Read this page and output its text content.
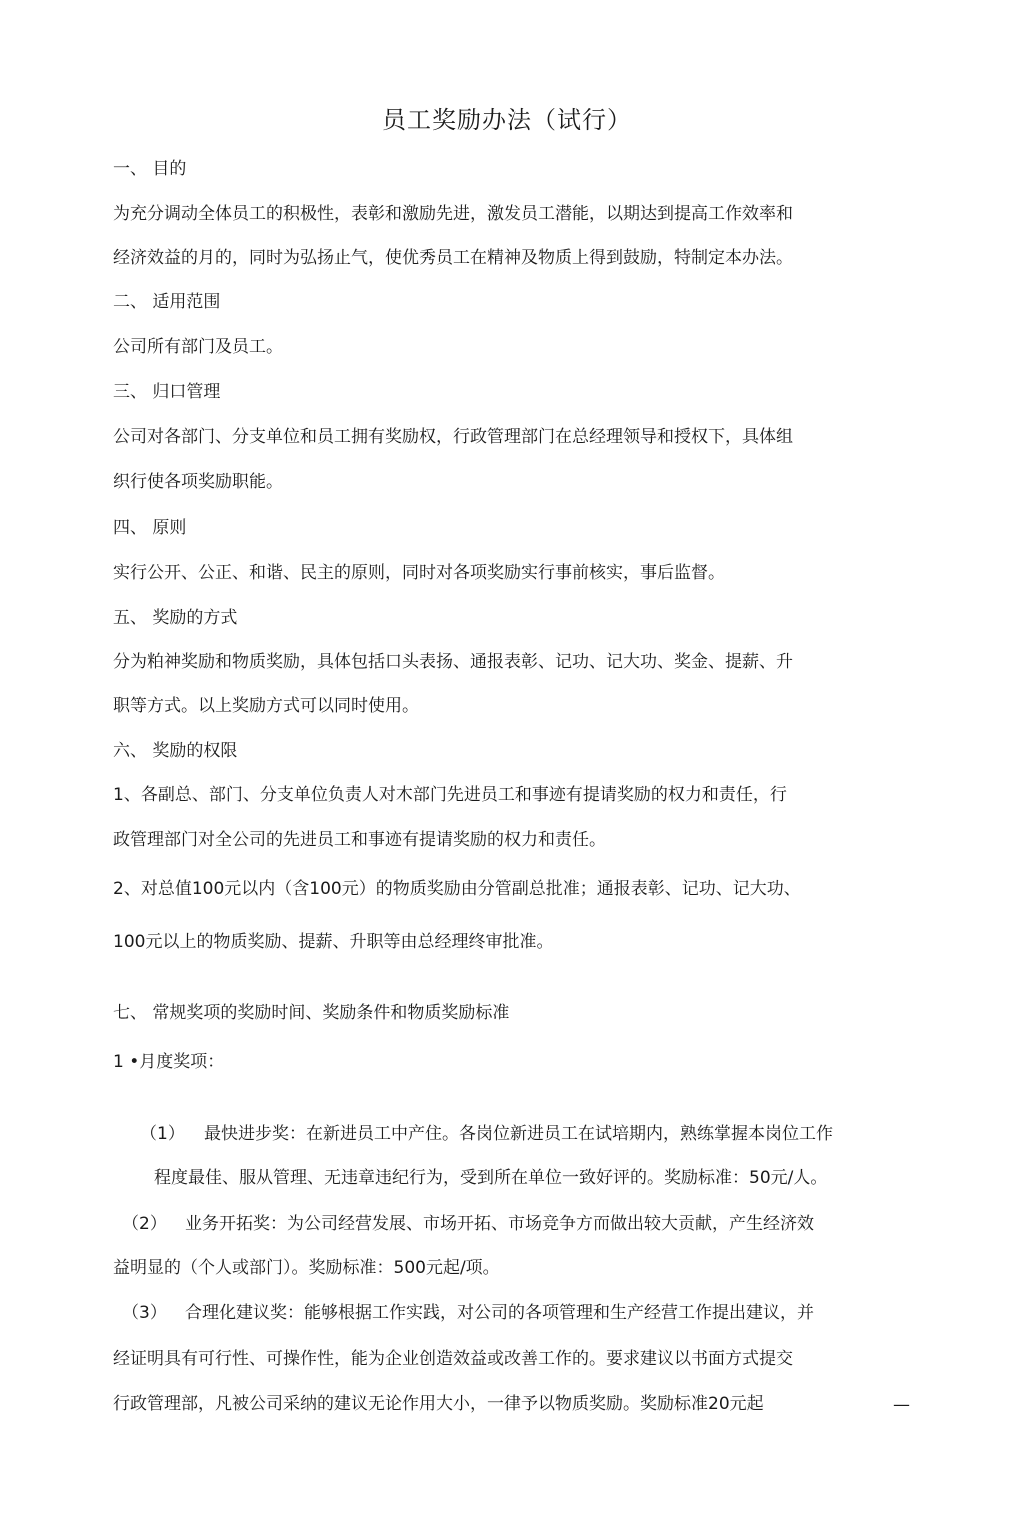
员工奖励办法（试行）
一、 目的
为充分调动全体员工的积极性，表彰和激励先进，激发员工潜能，以期达到提高工作效率和
经济效益的月的，同时为弘扬止气，使优秀员工在精神及物质上得到鼓励，特制定本办法。
二、 适用范围
公司所有部门及员工。
三、 归口管理
公司对各部门、分支单位和员工拥有奖励权，行政管理部门在总经理领导和授权下，具体组
织行使各项奖励职能。
四、 原则
实行公开、公正、和谐、民主的原则，同时对各项奖励实行事前核实，事后监督。
五、 奖励的方式
分为粕神奖励和物质奖励，具体包括口头表扬、通报表彰、记功、记大功、奖金、提薪、升
职等方式。以上奖励方式可以同时使用。
六、 奖励的权限
1、各副总、部门、分支单位负责人对木部门先进员工和事迹有提请奖励的权力和责任，行
政管理部门对全公司的先进员工和事迹有提请奖励的权力和责任。
2、对总值100元以内（含100元）的物质奖励由分管副总批准；通报表彰、记功、记大功、
100元以上的物质奖励、提薪、升职等由总经理终审批准。
七、 常规奖项的奖励时间、奖励条件和物质奖励标准
1 •月度奖项：
（1） 最快进步奖：在新进员工中产住。各岗位新进员工在试培期内，熟练掌握本岗位工作
程度最佳、服从管理、无违章违纪行为，受到所在单位一致好评的。奖励标准：50元/人。
（2） 业务开拓奖：为公司经营发展、市场开拓、市场竞争方而做出较大贡献，产生经济效
益明显的（个人或部门）。奖励标准：500元起/项。
（3） 合理化建议奖：能够根据工作实践，对公司的各项管理和生产经营工作提出建议，并
经证明具有可行性、可操作性，能为企业创造效益或改善工作的。要求建议以书面方式提交
行政管理部，凡被公司采纳的建议无论作用大小，一律予以物质奖励。奖励标准20元起	—
